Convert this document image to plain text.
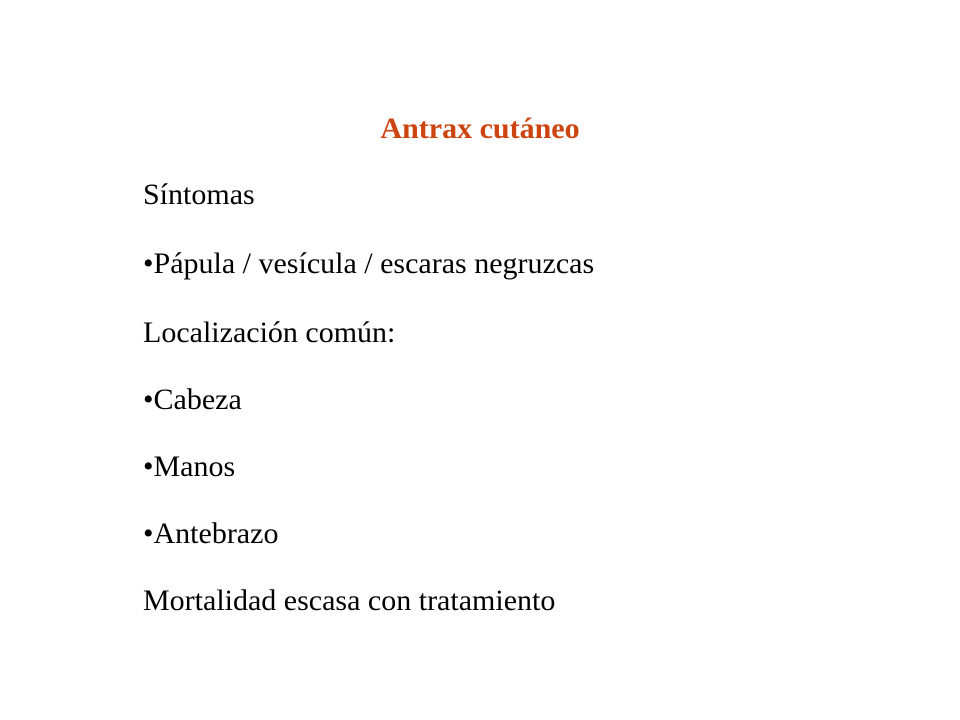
Antrax cutáneo
Síntomas
•Pápula / vesícula / escaras negruzcas
Localización común:
•Cabeza
•Manos
•Antebrazo
Mortalidad escasa con tratamiento
